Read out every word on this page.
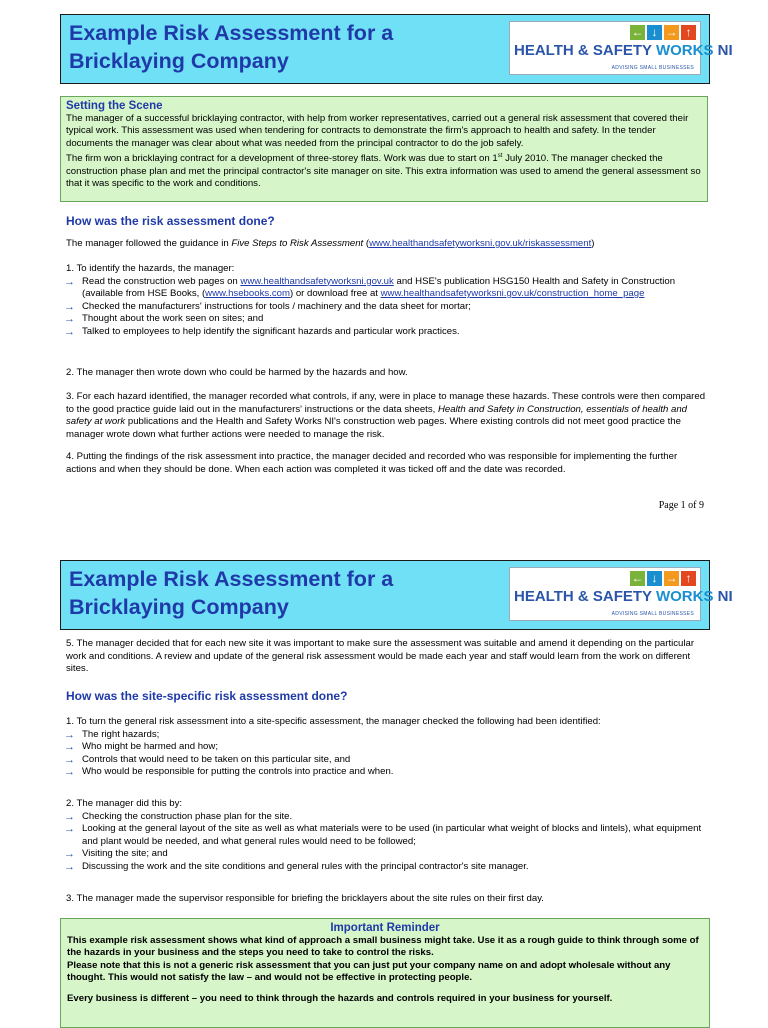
Example Risk Assessment for a
Bricklaying Company
← ↓ → ↑
HEALTH & SAFETY WORKS NI
ADVISING SMALL BUSINESSES
Setting the Scene

The manager of a successful bricklaying contractor, with help from worker representatives, carried out a general risk assessment that covered their typical work. This assessment was used when tendering for contracts to demonstrate the firm's approach to health and safety. In the tender documents the manager was clear about what was needed from the principal contractor to do the job safely.

The firm won a bricklaying contract for a development of three-storey flats. Work was due to start on 1st July 2010. The manager checked the construction phase plan and met the principal contractor's site manager on site. This extra information was used to amend the general assessment so that it was specific to the work and conditions.

How was the risk assessment done?

The manager followed the guidance in Five Steps to Risk Assessment (www.healthandsafetyworksni.gov.uk/riskassessment)

1. To identify the hazards, the manager:

→ Read the construction web pages on www.healthandsafetyworksni.gov.uk and HSE's publication HSG150 Health and Safety in Construction (available from HSE Books, (www.hsebooks.com) or download free at www.healthandsafetyworksni.gov.uk/construction_home_page
→ Checked the manufacturers' instructions for tools / machinery and the data sheet for mortar;
→ Thought about the work seen on sites; and
→ Talked to employees to help identify the significant hazards and particular work practices.
2. The manager then wrote down who could be harmed by the hazards and how.

3. For each hazard identified, the manager recorded what controls, if any, were in place to manage these hazards. These controls were then compared to the good practice guide laid out in the manufacturers' instructions or the data sheets, Health and Safety in Construction, essentials of health and safety at work publications and the Health and Safety Works NI's construction web pages. Where existing controls did not meet good practice the manager wrote down what further actions were needed to manage the risk.

4. Putting the findings of the risk assessment into practice, the manager decided and recorded who was responsible for implementing the further actions and when they should be done. When each action was completed it was ticked off and the date was recorded.
Page 1 of 9
Example Risk Assessment for a
Bricklaying Company
← ↓ → ↑
HEALTH & SAFETY WORKS NI
ADVISING SMALL BUSINESSES
5. The manager decided that for each new site it was important to make sure the assessment was suitable and amend it depending on the particular work and conditions. A review and update of the general risk assessment would be made each year and staff would learn from the work on different sites.
How was the site-specific risk assessment done?

1. To turn the general risk assessment into a site-specific assessment, the manager checked the following had been identified:

→ The right hazards;
→ Who might be harmed and how;
→ Controls that would need to be taken on this particular site, and
→ Who would be responsible for putting the controls into practice and when.

2. The manager did this by:

→ Checking the construction phase plan for the site.
→ Looking at the general layout of the site as well as what materials were to be used (in particular what weight of blocks and lintels), what equipment and plant would be needed, and what general rules would need to be followed;
→ Visiting the site; and
→ Discussing the work and the site conditions and general rules with the principal contractor's site manager.
3. The manager made the supervisor responsible for briefing the bricklayers about the site rules on their first day.
Important Reminder

This example risk assessment shows what kind of approach a small business might take. Use it as a rough guide to think through some of the hazards in your business and the steps you need to take to control the risks.

Please note that this is not a generic risk assessment that you can just put your company name on and adopt wholesale without any thought. This would not satisfy the law – and would not be effective in protecting people.

Every business is different – you need to think through the hazards and controls required in your business for yourself.
